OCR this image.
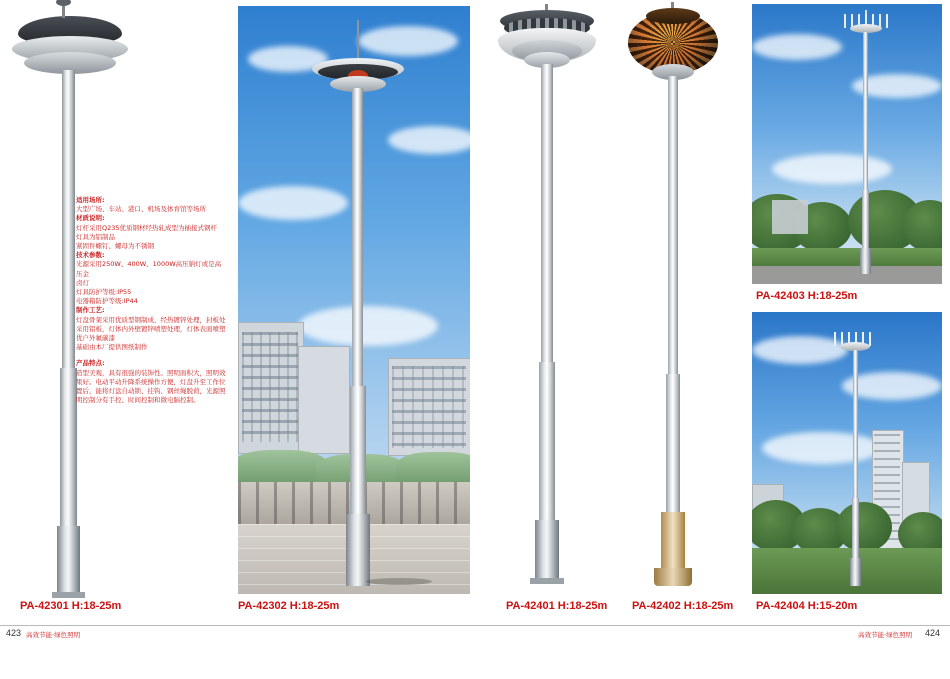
PA-42301 H:18-25m
适用场所:
大型广场、车站、港口、机场及体育馆等场所
材质说明:
灯杆采用Q235优质钢材经热轧成型为插接式钢杆
灯具为铝制品
紧固件螺钉、螺母为不锈钢
技术参数:
光源采用250W、400W、1000W高压钠灯或是高压金
卤灯
灯具防护等级:IP55
电器箱防护等级:IP44
制作工艺:
灯盘骨架采用优质型钢制成，经热镀锌处理，封板处
采用铝板，灯体内外壁镀锌喷塑处理，灯体表面喷塑
优户外氟碳漆
基础由本厂提供图纸制作
产品特点:
造型美观，具有很强的装饰性。照明面积大，照明效
果好。电动平动升降系统操作方便，灯盘升至工作位
置后，能将灯盘自动锁、挂钩、钢丝绳脱荷，光源照
明控制分有手控、时间控制和微电脑控制。
PA-42302 H:18-25m	PA-42401 H:18-25m PA-42402 H:18-25m
PA-42403 H:18-25m
PA-42404 H:15-20m
423 高效节能·绿色照明	高效节能·绿色照明 424
